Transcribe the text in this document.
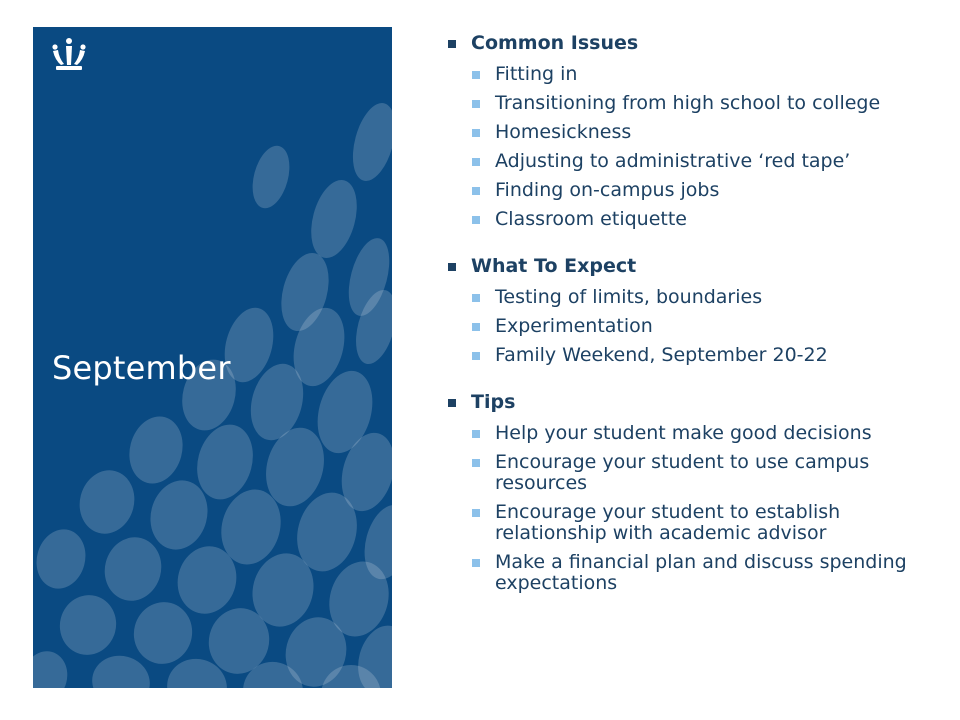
September
Common Issues
Fitting in
Transitioning from high school to college
Homesickness
Adjusting to administrative ‘red tape’
Finding on-campus jobs
Classroom etiquette
What To Expect
Testing of limits, boundaries
Experimentation
Family Weekend, September 20-22
Tips
Help your student make good decisions
Encourage your student to use campus resources
Encourage your student to establish relationship with academic advisor
Make a financial plan and discuss spending expectations
